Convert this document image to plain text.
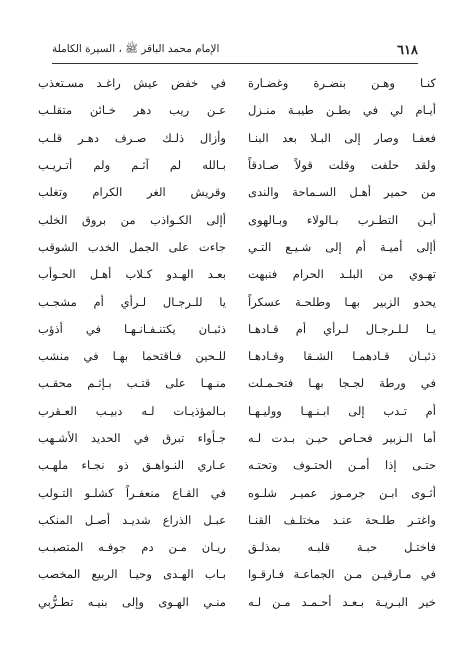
٦١٨
الإمام محمد الباقر ﷺ ، السيرة الكاملة
كنـا وهـن بنضـرة وغضـارة
في خفض عيش راغـد مسـتعذب
أيـام لي في بطـن طيبـة منـزل
عـن ريب دهر خـائن متقلـب
فعفـا وصار إلى البـلا بعد البنـا
وأزال ذلـك صـرف دهـر قلـب
ولقد حلفت وقلت قولاً صـادقاً
بـالله لم آثـم ولم أتـريـب
من حمير أهـل السـماحة والندى
وقريش الغر الكرام وتغلب
أيـن التطـرب بـالولاء وبـالهوى
أإلى الكـواذب من بروق الخلب
أإلى أميـة أم إلى شـيـع التـي
جاءت على الجمل الخدب الشوقب
تهـوي من البلـد الحرام فنبهت
بعـد الهـدو كـلاب أهـل الحـوأب
يحدو الزبير بهـا وطلحـة عسكراً
يا للـرجـال لـرأي أم مشجـب
يـا لـلـرجـال لـرأي أم قـادهـا
ذئبـان يكتنـفـانـهـا في أذؤب
ذئبـان قـادهمـا الشـقا وقـادهـا
للـحين فـاقتحما بهـا في منشب
في ورطة لجـجا بهـا فتحـمـلت
منـهـا على قتـب بـإثـم محقـب
أم تـدب إلى ابـنـهـا ووليـهـا
بـالمؤذيـات لـه دبيـب العـقرب
أما الـزبير فحـاص حيـن بـدت لـه
جـأواء تبرق في الحديد الأشـهب
حتـى إذا أمـن الحتـوف وتحتـه
عـاري النـواهـق ذو نجـاء ملهـب
أثـوى ابـن جرمـوز عميـر شلـوه
في القـاع منعفـراً كشلـو التـولب
واغتـر طلـحة عنـد مختلـف القنـا
عبـل الذراع شديـد أصـل المنكب
فاختـل حبـة قلبـه بمذلـق
ريـان مـن دم جوفـه المتصبـب
في مـارقيـن مـن الجماعـة فـارقـوا
بـاب الهـدى وحيـا الربيع المخصب
خير البـريـة بـعـد أحـمـد مـن لـه
منـي الهـوى وإلى بنيـه تطـرُّبي
